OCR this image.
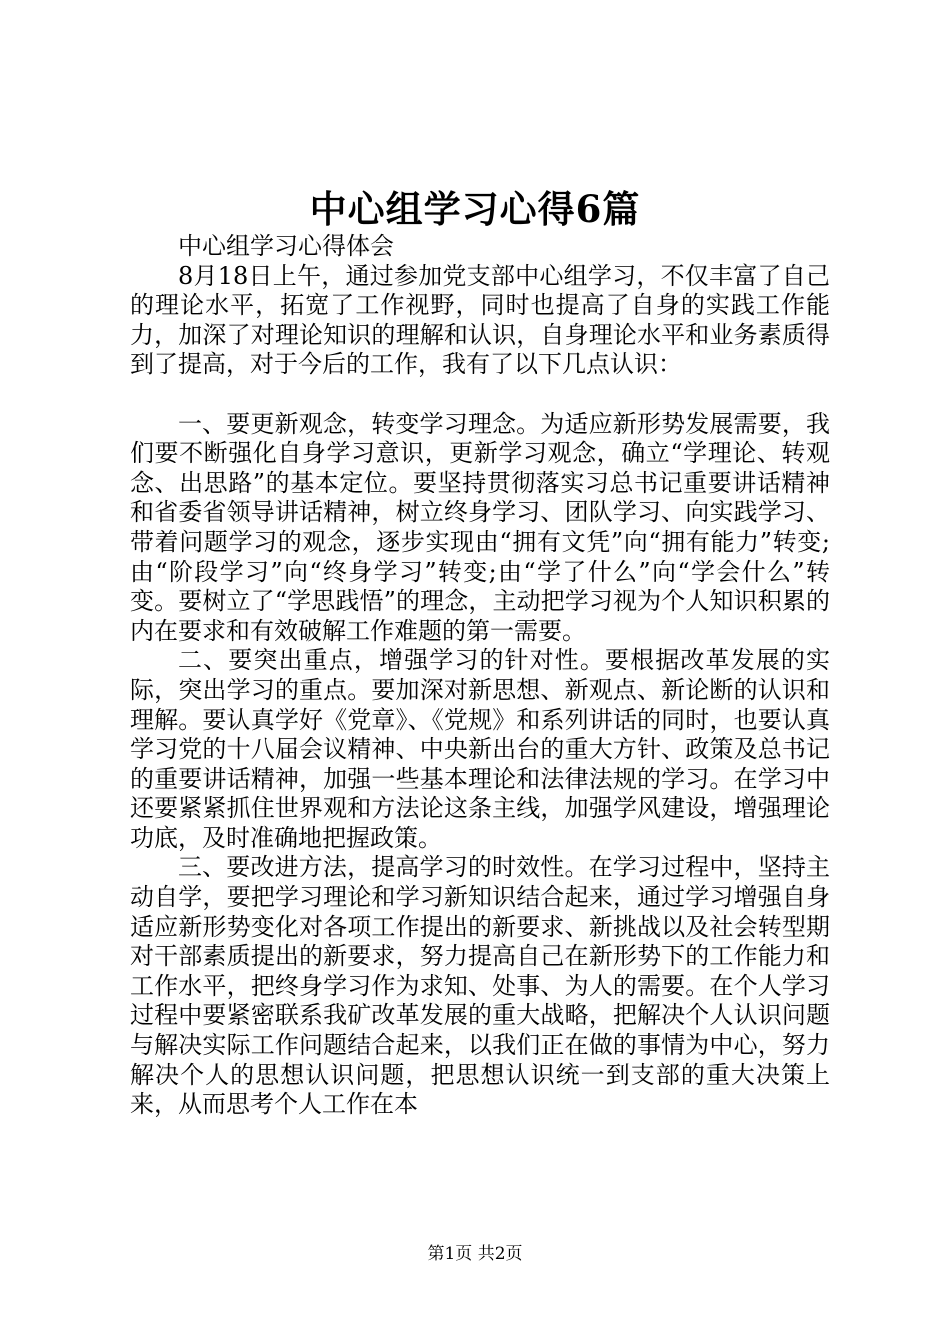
中心组学习心得6篇

中心组学习心得体会

8月18日上午，通过参加党支部中心组学习，不仅丰富了自己的理论水平，拓宽了工作视野，同时也提高了自身的实践工作能力，加深了对理论知识的理解和认识，自身理论水平和业务素质得到了提高，对于今后的工作，我有了以下几点认识：

一、要更新观念，转变学习理念。为适应新形势发展需要，我们要不断强化自身学习意识，更新学习观念，确立“学理论、转观念、出思路”的基本定位。要坚持贯彻落实习总书记重要讲话精神和省委省领导讲话精神，树立终身学习、团队学习、向实践学习、带着问题学习的观念，逐步实现由“拥有文凭”向“拥有能力”转变;由“阶段学习”向“终身学习”转变;由“学了什么”向“学会什么”转变。要树立了“学思践悟”的理念，主动把学习视为个人知识积累的内在要求和有效破解工作难题的第一需要。

二、要突出重点，增强学习的针对性。要根据改革发展的实际，突出学习的重点。要加深对新思想、新观点、新论断的认识和理解。要认真学好《党章》、《党规》和系列讲话的同时，也要认真学习党的十八届会议精神、中央新出台的重大方针、政策及总书记的重要讲话精神，加强一些基本理论和法律法规的学习。在学习中还要紧紧抓住世界观和方法论这条主线，加强学风建设，增强理论功底，及时准确地把握政策。

三、要改进方法，提高学习的时效性。在学习过程中，坚持主动自学，要把学习理论和学习新知识结合起来，通过学习增强自身适应新形势变化对各项工作提出的新要求、新挑战以及社会转型期对干部素质提出的新要求，努力提高自己在新形势下的工作能力和工作水平，把终身学习作为求知、处事、为人的需要。在个人学习过程中要紧密联系我矿改革发展的重大战略，把解决个人认识问题与解决实际工作问题结合起来，以我们正在做的事情为中心，努力解决个人的思想认识问题，把思想认识统一到支部的重大决策上来，从而思考个人工作在本

第1页 共2页
